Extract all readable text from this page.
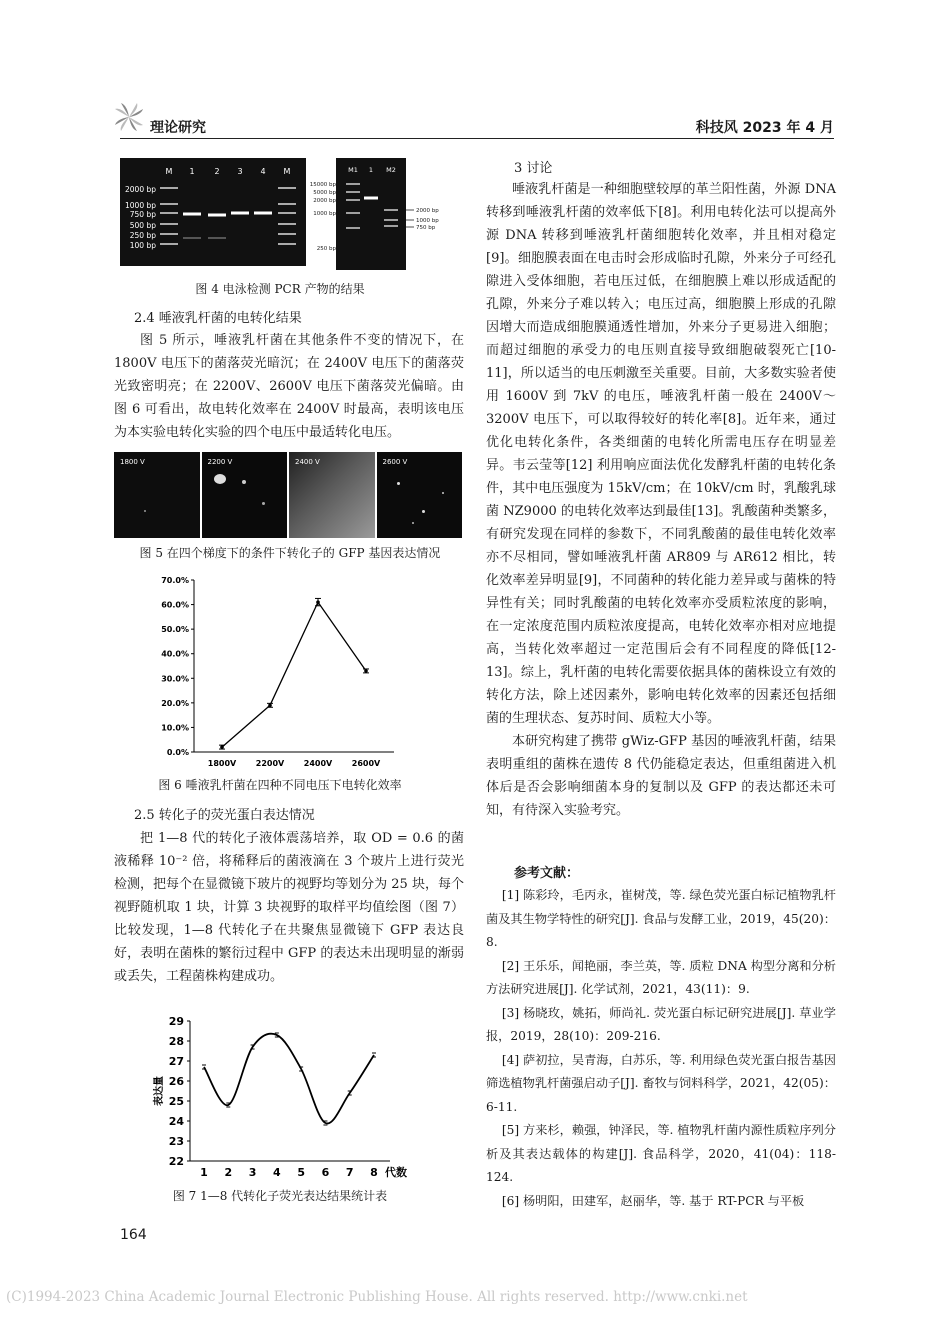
理论研究	科技风 2023 年 4 月
M 1 2 3 4 M
2000 bp
1000 bp
750 bp
500 bp
250 bp
100 bp
M1 1 M2
15000 bp
5000 bp
2000 bp
1000 bp
250 bp
2000 bp
1000 bp
750 bp
图 4 电泳检测 PCR 产物的结果
2.4 唾液乳杆菌的电转化结果

图 5 所示，唾液乳杆菌在其他条件不变的情况下，在 1800V 电压下的菌落荧光暗沉；在 2400V 电压下的菌落荧光致密明亮；在 2200V、2600V 电压下菌落荧光偏暗。由图 6 可看出，故电转化效率在 2400V 时最高，表明该电压为本实验电转化实验的四个电压中最适转化电压。

1800 V	2200 V	2400 V	2600 V
图 5 在四个梯度下的条件下转化子的 GFP 基因表达情况
0.0%
10.0%
20.0%
30.0%
40.0%
50.0%
60.0%
70.0%
1800V 2200V 2400V 2600V
图 6 唾液乳杆菌在四种不同电压下电转化效率
2.5 转化子的荧光蛋白表达情况

把 1—8 代的转化子液体震荡培养，取 OD = 0.6 的菌液稀释 10⁻² 倍，将稀释后的菌液滴在 3 个玻片上进行荧光检测，把每个在显微镜下玻片的视野均等划分为 25 块，每个视野随机取 1 块，计算 3 块视野的取样平均值绘图（图 7）比较发现，1—8 代转化子在共聚焦显微镜下 GFP 表达良好，表明在菌株的繁衍过程中 GFP 的表达未出现明显的渐弱或丢失，工程菌株构建成功。

22
23
24
25
26
27
28
29
1 2 3 4 5 6 7 8 代数
表达量
图 7 1—8 代转化子荧光表达结果统计表
164
3 讨论

唾液乳杆菌是一种细胞壁较厚的革兰阳性菌，外源 DNA 转移到唾液乳杆菌的效率低下[8]。利用电转化法可以提高外源 DNA 转移到唾液乳杆菌细胞转化效率，并且相对稳定[9]。细胞膜表面在电击时会形成临时孔隙，外来分子可经孔隙进入受体细胞，若电压过低，在细胞膜上难以形成适配的孔隙，外来分子难以转入；电压过高，细胞膜上形成的孔隙因增大而造成细胞膜通透性增加，外来分子更易进入细胞；而超过细胞的承受力的电压则直接导致细胞破裂死亡[10-11]，所以适当的电压刺激至关重要。目前，大多数实验者使用 1600V 到 7kV 的电压，唾液乳杆菌一般在 2400V～3200V 电压下，可以取得较好的转化率[8]。近年来，通过优化电转化条件，各类细菌的电转化所需电压存在明显差异。韦云莹等[12] 利用响应面法优化发酵乳杆菌的电转化条件，其中电压强度为 15kV/cm；在 10kV/cm 时，乳酸乳球菌 NZ9000 的电转化效率达到最佳[13]。乳酸菌种类繁多，有研究发现在同样的参数下，不同乳酸菌的最佳电转化效率亦不尽相同，譬如唾液乳杆菌 AR809 与 AR612 相比，转化效率差异明显[9]，不同菌种的转化能力差异或与菌株的特异性有关；同时乳酸菌的电转化效率亦受质粒浓度的影响，在一定浓度范围内质粒浓度提高，电转化效率亦相对应地提高，当转化效率超过一定范围后会有不同程度的降低[12-13]。综上，乳杆菌的电转化需要依据具体的菌株设立有效的转化方法，除上述因素外，影响电转化效率的因素还包括细菌的生理状态、复苏时间、质粒大小等。

本研究构建了携带 gWiz-GFP 基因的唾液乳杆菌，结果表明重组的菌株在遗传 8 代仍能稳定表达，但重组菌进入机体后是否会影响细菌本身的复制以及 GFP 的表达都还未可知，有待深入实验考究。

参考文献：

[1] 陈彩玲，毛丙永，崔树茂，等. 绿色荧光蛋白标记植物乳杆菌及其生物学特性的研究[J]. 食品与发酵工业，2019，45(20)：8.

[2] 王乐乐，闻艳丽，李兰英，等. 质粒 DNA 构型分离和分析方法研究进展[J]. 化学试剂，2021，43(11)：9.

[3] 杨晓玫，姚拓，师尚礼. 荧光蛋白标记研究进展[J]. 草业学报，2019，28(10)：209-216.

[4] 萨初拉，吴青海，白苏乐，等. 利用绿色荧光蛋白报告基因筛选植物乳杆菌强启动子[J]. 畜牧与饲料科学，2021，42(05)：6-11.

[5] 方来杉，赖强，钟泽民，等. 植物乳杆菌内源性质粒序列分析及其表达载体的构建[J]. 食品科学，2020，41(04)：118-124.

[6] 杨明阳，田建军，赵丽华，等. 基于 RT-PCR 与平板

(C)1994-2023 China Academic Journal Electronic Publishing House. All rights reserved. http://www.cnki.net
